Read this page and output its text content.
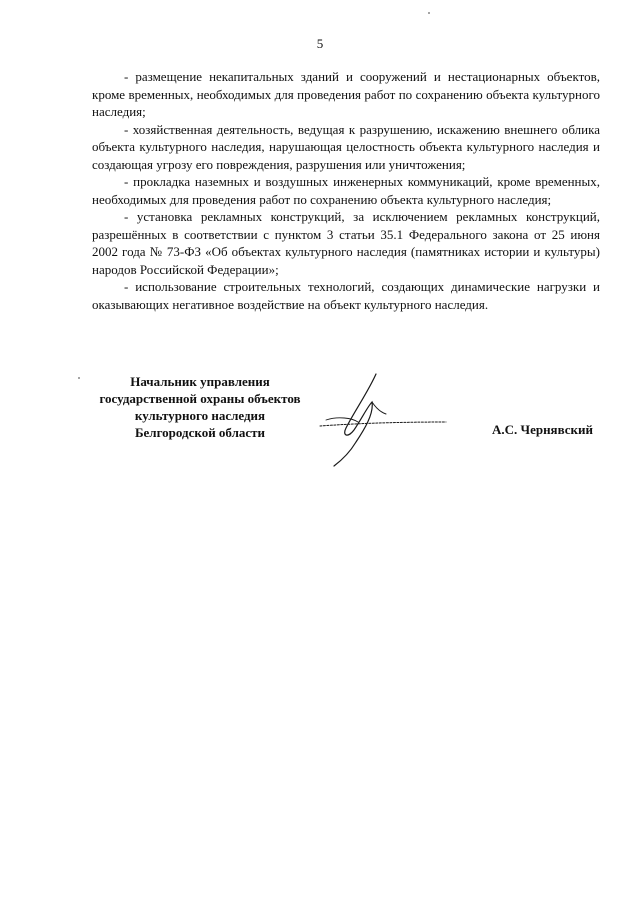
5

- размещение некапитальных зданий и сооружений и нестационарных объектов, кроме временных, необходимых для проведения работ по сохранению объекта культурного наследия;

- хозяйственная деятельность, ведущая к разрушению, искажению внешнего облика объекта культурного наследия, нарушающая целостность объекта культурного наследия и создающая угрозу его повреждения, разрушения или уничтожения;

- прокладка наземных и воздушных инженерных коммуникаций, кроме временных, необходимых для проведения работ по сохранению объекта культурного наследия;

- установка рекламных конструкций, за исключением рекламных конструкций, разрешённых в соответствии с пунктом 3 статьи 35.1 Федерального закона от 25 июня 2002 года № 73-ФЗ «Об объектах культурного наследия (памятниках истории и культуры) народов Российской Федерации»;

- использование строительных технологий, создающих динамические нагрузки и оказывающих негативное воздействие на объект культурного наследия.

Начальник управления
государственной охраны объектов
культурного наследия
Белгородской области	А.С. Чернявский
